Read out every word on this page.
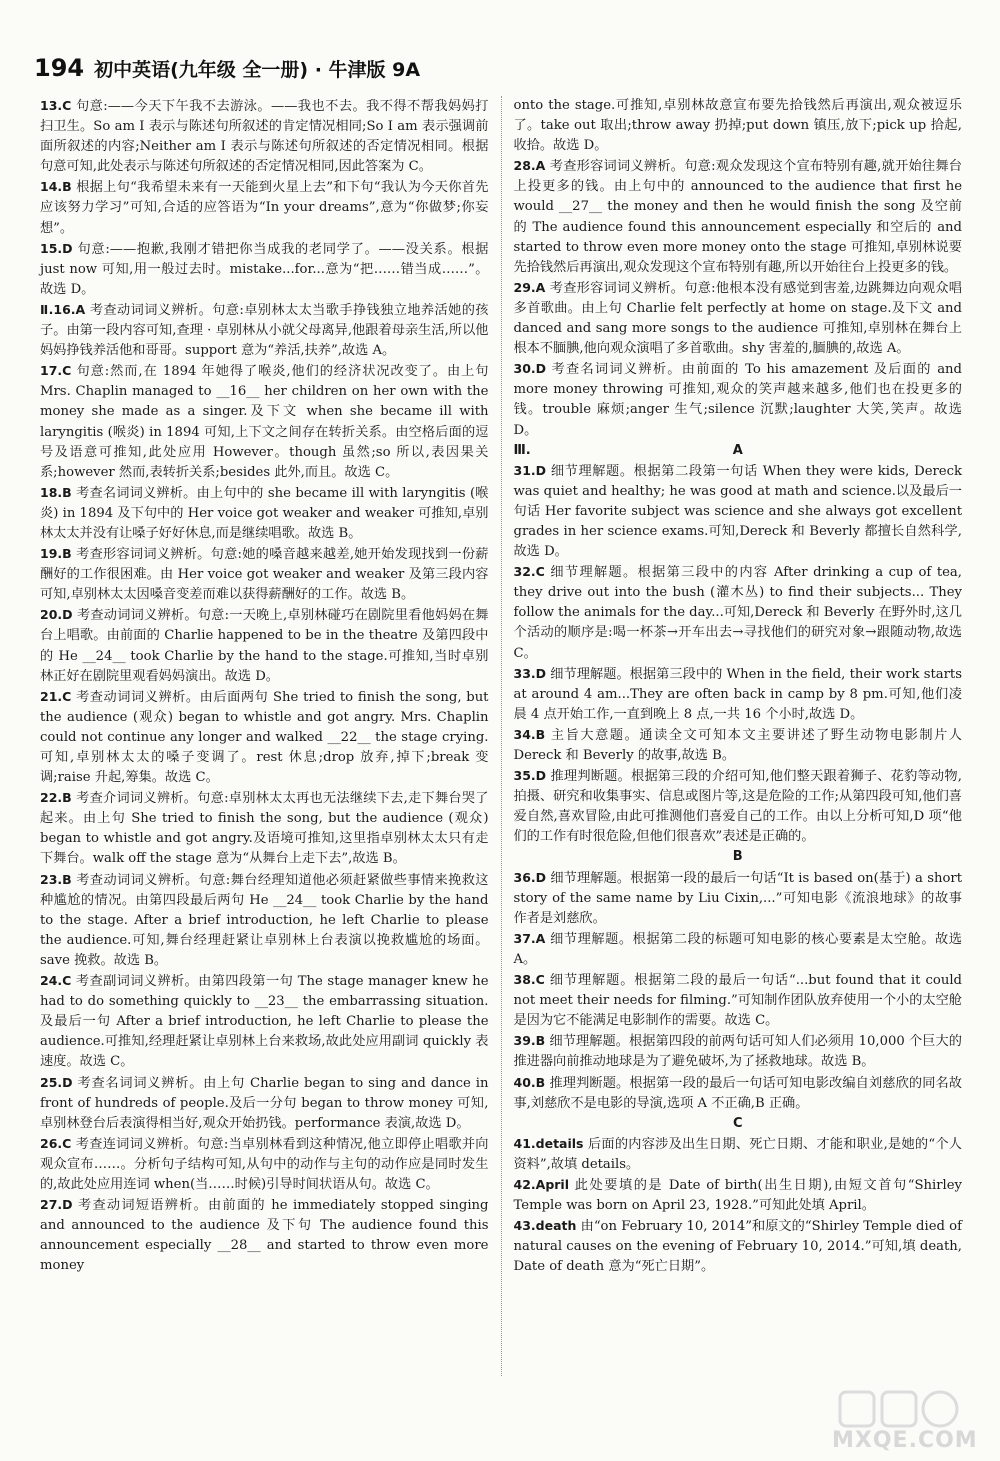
194 初中英语(九年级 全一册) · 牛津版 9A

13.C 句意:——今天下午我不去游泳。——我也不去。我不得不帮我妈妈打扫卫生。So am I 表示与陈述句所叙述的肯定情况相同;So I am 表示强调前面所叙述的内容;Neither am I 表示与陈述句所叙述的否定情况相同。根据句意可知,此处表示与陈述句所叙述的否定情况相同,因此答案为 C。

14.B 根据上句“我希望未来有一天能到火星上去”和下句“我认为今天你首先应该努力学习”可知,合适的应答语为“In your dreams”,意为“你做梦;你妄想”。

15.D 句意:——抱歉,我刚才错把你当成我的老同学了。——没关系。根据 just now 可知,用一般过去时。mistake...for...意为“把……错当成……”。故选 D。

Ⅱ.16.A 考查动词词义辨析。句意:卓别林太太当歌手挣钱独立地养活她的孩子。由第一段内容可知,查理 · 卓别林从小就父母离异,他跟着母亲生活,所以他妈妈挣钱养活他和哥哥。support 意为“养活,扶养”,故选 A。

17.C 句意:然而,在 1894 年她得了喉炎,他们的经济状况改变了。由上句 Mrs. Chaplin managed to __16__ her children on her own with the money she made as a singer.及下文 when she became ill with laryngitis (喉炎) in 1894 可知,上下文之间存在转折关系。由空格后面的逗号及语意可推知,此处应用 However。though 虽然;so 所以,表因果关系;however 然而,表转折关系;besides 此外,而且。故选 C。

18.B 考查名词词义辨析。由上句中的 she became ill with laryngitis (喉炎) in 1894 及下句中的 Her voice got weaker and weaker 可推知,卓别林太太并没有让嗓子好好休息,而是继续唱歌。故选 B。

19.B 考查形容词词义辨析。句意:她的嗓音越来越差,她开始发现找到一份薪酬好的工作很困难。由 Her voice got weaker and weaker 及第三段内容可知,卓别林太太因嗓音变差而难以获得薪酬好的工作。故选 B。

20.D 考查动词词义辨析。句意:一天晚上,卓别林碰巧在剧院里看他妈妈在舞台上唱歌。由前面的 Charlie happened to be in the theatre 及第四段中的 He __24__ took Charlie by the hand to the stage.可推知,当时卓别林正好在剧院里观看妈妈演出。故选 D。

21.C 考查动词词义辨析。由后面两句 She tried to finish the song, but the audience (观众) began to whistle and got angry. Mrs. Chaplin could not continue any longer and walked __22__ the stage crying.可知,卓别林太太的嗓子变调了。rest 休息;drop 放弃,掉下;break 变调;raise 升起,筹集。故选 C。

22.B 考查介词词义辨析。句意:卓别林太太再也无法继续下去,走下舞台哭了起来。由上句 She tried to finish the song, but the audience (观众) began to whistle and got angry.及语境可推知,这里指卓别林太太只有走下舞台。walk off the stage 意为“从舞台上走下去”,故选 B。

23.B 考查动词词义辨析。句意:舞台经理知道他必须赶紧做些事情来挽救这种尴尬的情况。由第四段最后两句 He __24__ took Charlie by the hand to the stage. After a brief introduction, he left Charlie to please the audience.可知,舞台经理赶紧让卓别林上台表演以挽救尴尬的场面。save 挽救。故选 B。

24.C 考查副词词义辨析。由第四段第一句 The stage manager knew he had to do something quickly to __23__ the embarrassing situation. 及最后一句 After a brief introduction, he left Charlie to please the audience.可推知,经理赶紧让卓别林上台来救场,故此处应用副词 quickly 表速度。故选 C。

25.D 考查名词词义辨析。由上句 Charlie began to sing and dance in front of hundreds of people.及后一分句 began to throw money 可知,卓别林登台后表演得相当好,观众开始扔钱。performance 表演,故选 D。

26.C 考查连词词义辨析。句意:当卓别林看到这种情况,他立即停止唱歌并向观众宣布……。分析句子结构可知,从句中的动作与主句的动作应是同时发生的,故此处应用连词 when(当……时候)引导时间状语从句。故选 C。

27.D 考查动词短语辨析。由前面的 he immediately stopped singing and announced to the audience 及下句 The audience found this announcement especially __28__ and started to throw even more money

onto the stage.可推知,卓别林故意宣布要先拾钱然后再演出,观众被逗乐了。take out 取出;throw away 扔掉;put down 镇压,放下;pick up 拾起,收拾。故选 D。

28.A 考查形容词词义辨析。句意:观众发现这个宣布特别有趣,就开始往舞台上投更多的钱。由上句中的 announced to the audience that first he would __27__ the money and then he would finish the song 及空前的 The audience found this announcement especially 和空后的 and started to throw even more money onto the stage 可推知,卓别林说要先拾钱然后再演出,观众发现这个宣布特别有趣,所以开始往台上投更多的钱。

29.A 考查形容词词义辨析。句意:他根本没有感觉到害羞,边跳舞边向观众唱多首歌曲。由上句 Charlie felt perfectly at home on stage.及下文 and danced and sang more songs to the audience 可推知,卓别林在舞台上根本不腼腆,他向观众演唱了多首歌曲。shy 害羞的,腼腆的,故选 A。

30.D 考查名词词义辨析。由前面的 To his amazement 及后面的 and more money throwing 可推知,观众的笑声越来越多,他们也在投更多的钱。trouble 麻烦;anger 生气;silence 沉默;laughter 大笑,笑声。故选 D。

Ⅲ.	A

31.D 细节理解题。根据第二段第一句话 When they were kids, Dereck was quiet and healthy; he was good at math and science.以及最后一句话 Her favorite subject was science and she always got excellent grades in her science exams.可知,Dereck 和 Beverly 都擅长自然科学,故选 D。

32.C 细节理解题。根据第三段中的内容 After drinking a cup of tea, they drive out into the bush (灌木丛) to find their subjects... They follow the animals for the day...可知,Dereck 和 Beverly 在野外时,这几个活动的顺序是:喝一杯茶→开车出去→寻找他们的研究对象→跟随动物,故选 C。

33.D 细节理解题。根据第三段中的 When in the field, their work starts at around 4 am...They are often back in camp by 8 pm.可知,他们凌晨 4 点开始工作,一直到晚上 8 点,一共 16 个小时,故选 D。

34.B 主旨大意题。通读全文可知本文主要讲述了野生动物电影制片人 Dereck 和 Beverly 的故事,故选 B。

35.D 推理判断题。根据第三段的介绍可知,他们整天跟着狮子、花豹等动物,拍摄、研究和收集事实、信息或图片等,这是危险的工作;从第四段可知,他们喜爱自然,喜欢冒险,由此可推测他们喜爱自己的工作。由以上分析可知,D 项“他们的工作有时很危险,但他们很喜欢”表述是正确的。

B

36.D 细节理解题。根据第一段的最后一句话“It is based on(基于) a short story of the same name by Liu Cixin,...”可知电影《流浪地球》的故事作者是刘慈欣。

37.A 细节理解题。根据第二段的标题可知电影的核心要素是太空舱。故选 A。

38.C 细节理解题。根据第二段的最后一句话“...but found that it could not meet their needs for filming.”可知制作团队放弃使用一个小的太空舱是因为它不能满足电影制作的需要。故选 C。

39.B 细节理解题。根据第四段的前两句话可知人们必须用 10,000 个巨大的推进器向前推动地球是为了避免破坏,为了拯救地球。故选 B。

40.B 推理判断题。根据第一段的最后一句话可知电影改编自刘慈欣的同名故事,刘慈欣不是电影的导演,选项 A 不正确,B 正确。

C

41.details 后面的内容涉及出生日期、死亡日期、才能和职业,是她的“个人资料”,故填 details。

42.April 此处要填的是 Date of birth(出生日期),由短文首句“Shirley Temple was born on April 23, 1928.”可知此处填 April。

43.death 由“on February 10, 2014”和原文的“Shirley Temple died of natural causes on the evening of February 10, 2014.”可知,填 death, Date of death 意为“死亡日期”。

MXQE.COM
